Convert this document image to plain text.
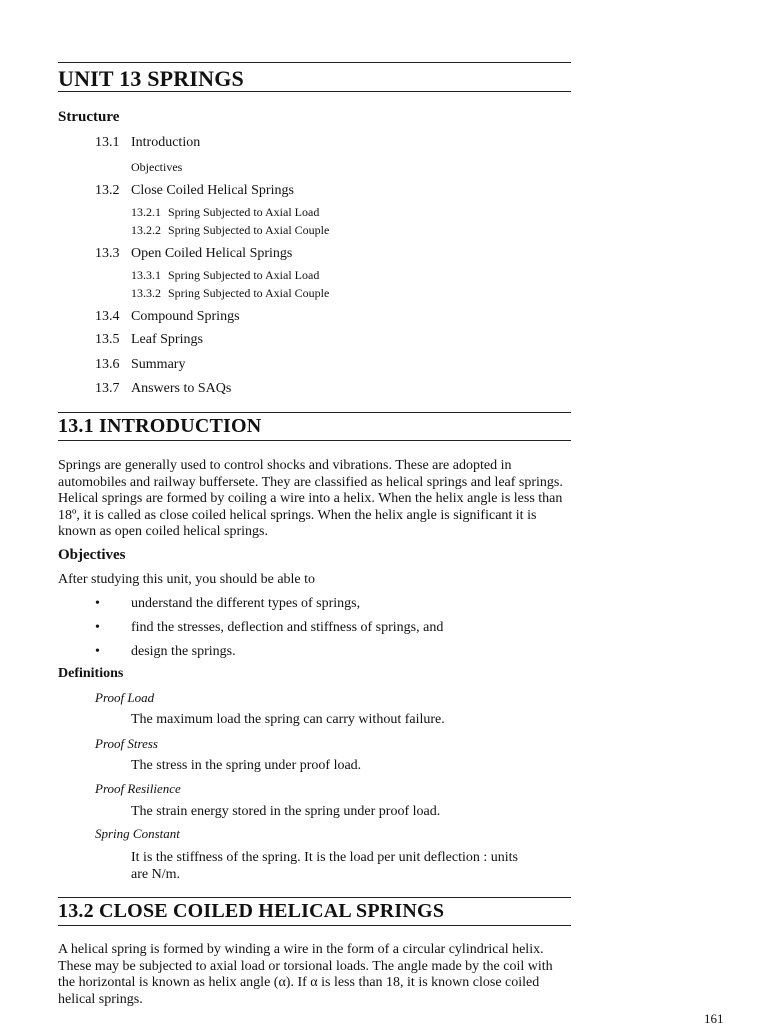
UNIT 13 SPRINGS
Structure
13.1 Introduction
Objectives
13.2 Close Coiled Helical Springs
13.2.1 Spring Subjected to Axial Load
13.2.2 Spring Subjected to Axial Couple
13.3 Open Coiled Helical Springs
13.3.1 Spring Subjected to Axial Load
13.3.2 Spring Subjected to Axial Couple
13.4 Compound Springs
13.5 Leaf Springs
13.6 Summary
13.7 Answers to SAQs
13.1 INTRODUCTION
Springs are generally used to control shocks and vibrations. These are adopted in automobiles and railway buffersete. They are classified as helical springs and leaf springs. Helical springs are formed by coiling a wire into a helix. When the helix angle is less than 18º, it is called as close coiled helical springs. When the helix angle is significant it is known as open coiled helical springs.
Objectives
After studying this unit, you should be able to
• understand the different types of springs,
• find the stresses, deflection and stiffness of springs, and
• design the springs.
Definitions
Proof Load
The maximum load the spring can carry without failure.
Proof Stress
The stress in the spring under proof load.
Proof Resilience
The strain energy stored in the spring under proof load.
Spring Constant
It is the stiffness of the spring. It is the load per unit deflection : units are N/m.
13.2 CLOSE COILED HELICAL SPRINGS
A helical spring is formed by winding a wire in the form of a circular cylindrical helix. These may be subjected to axial load or torsional loads. The angle made by the coil with the horizontal is known as helix angle (α). If α is less than 18, it is known close coiled helical springs.
161
